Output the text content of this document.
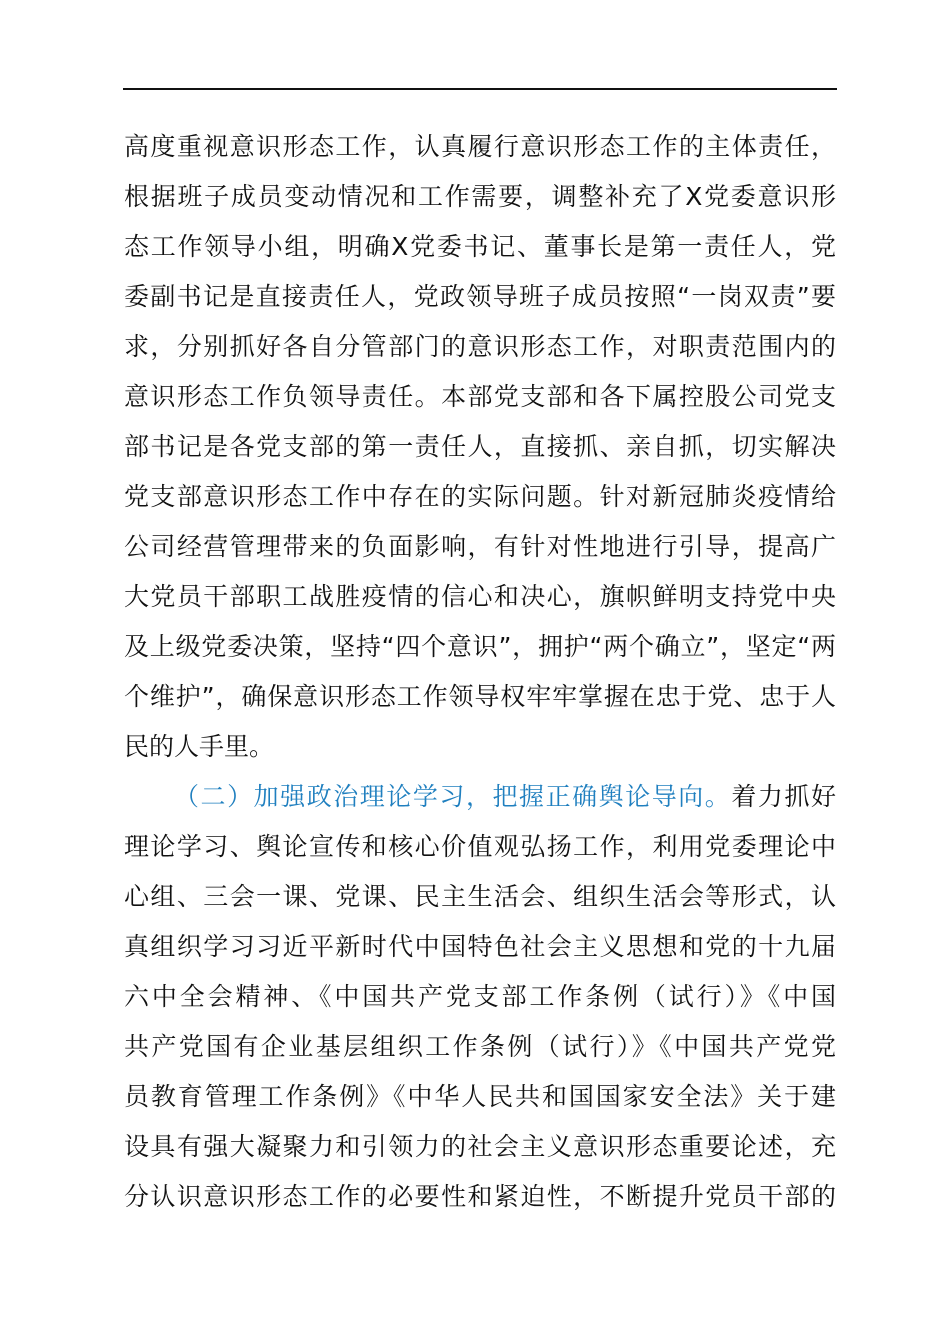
高度重视意识形态工作，认真履行意识形态工作的主体责任，
根据班子成员变动情况和工作需要，调整补充了X党委意识形
态工作领导小组，明确X党委书记、董事长是第一责任人，党
委副书记是直接责任人，党政领导班子成员按照“一岗双责”要
求，分别抓好各自分管部门的意识形态工作，对职责范围内的
意识形态工作负领导责任。本部党支部和各下属控股公司党支
部书记是各党支部的第一责任人，直接抓、亲自抓，切实解决
党支部意识形态工作中存在的实际问题。针对新冠肺炎疫情给
公司经营管理带来的负面影响，有针对性地进行引导，提高广
大党员干部职工战胜疫情的信心和决心，旗帜鲜明支持党中央
及上级党委决策，坚持“四个意识”，拥护“两个确立”，坚定“两
个维护”，确保意识形态工作领导权牢牢掌握在忠于党、忠于人
民的人手里。
（二）加强政治理论学习，把握正确舆论导向。着力抓好
理论学习、舆论宣传和核心价值观弘扬工作，利用党委理论中
心组、三会一课、党课、民主生活会、组织生活会等形式，认
真组织学习习近平新时代中国特色社会主义思想和党的十九届
六中全会精神、《中国共产党支部工作条例（试行）》《中国
共产党国有企业基层组织工作条例（试行）》《中国共产党党
员教育管理工作条例》《中华人民共和国国家安全法》关于建
设具有强大凝聚力和引领力的社会主义意识形态重要论述，充
分认识意识形态工作的必要性和紧迫性，不断提升党员干部的
